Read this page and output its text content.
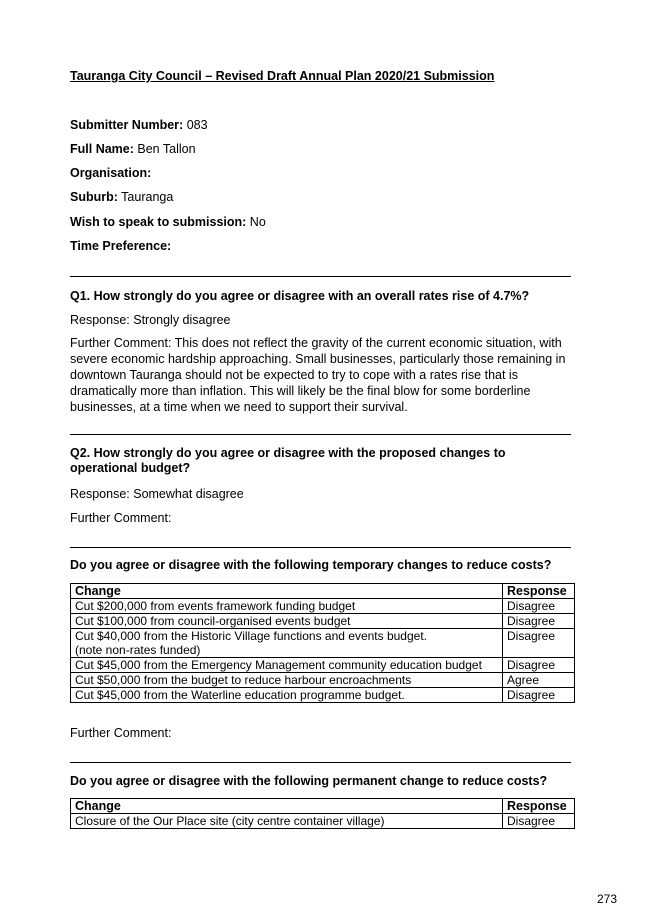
Tauranga City Council – Revised Draft Annual Plan 2020/21 Submission
Submitter Number: 083
Full Name: Ben Tallon
Organisation:
Suburb: Tauranga
Wish to speak to submission: No
Time Preference:
Q1. How strongly do you agree or disagree with an overall rates rise of 4.7%?
Response: Strongly disagree
Further Comment: This does not reflect the gravity of the current economic situation, with severe economic hardship approaching. Small businesses, particularly those remaining in downtown Tauranga should not be expected to try to cope with a rates rise that is dramatically more than inflation. This will likely be the final blow for some borderline businesses, at a time when we need to support their survival.
Q2. How strongly do you agree or disagree with the proposed changes to operational budget?
Response: Somewhat disagree
Further Comment:
Do you agree or disagree with the following temporary changes to reduce costs?
Change	Response
Cut $200,000 from events framework funding budget	Disagree
Cut $100,000 from council-organised events budget	Disagree
Cut $40,000 from the Historic Village functions and events budget.
(note non-rates funded)	Disagree
Cut $45,000 from the Emergency Management community education budget	Disagree
Cut $50,000 from the budget to reduce harbour encroachments	Agree
Cut $45,000 from the Waterline education programme budget.	Disagree
Further Comment:
Do you agree or disagree with the following permanent change to reduce costs?
Change	Response
Closure of the Our Place site (city centre container village)	Disagree
273
